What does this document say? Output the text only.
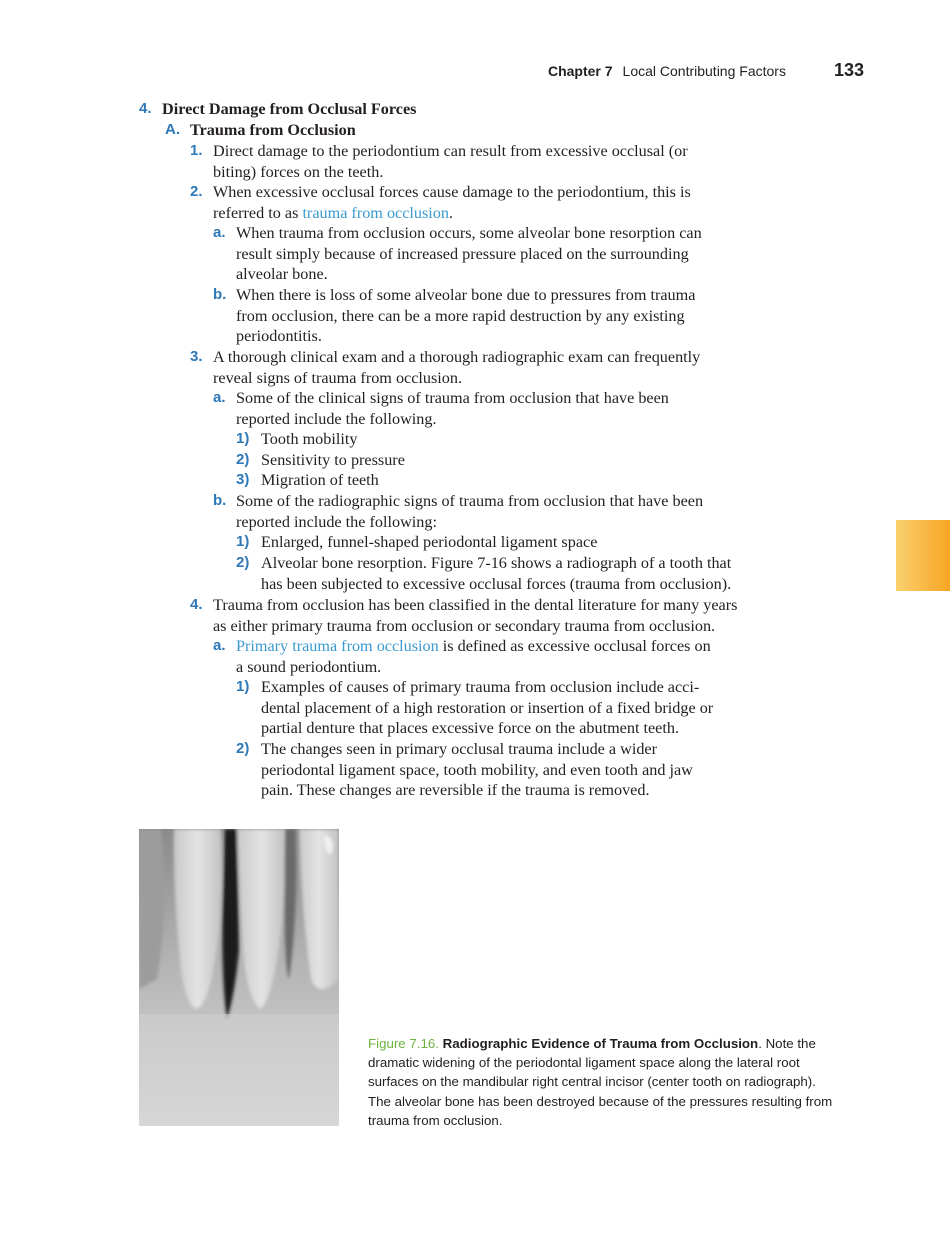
Chapter 7 Local Contributing Factors	133
4. Direct Damage from Occlusal Forces
A. Trauma from Occlusion
1. Direct damage to the periodontium can result from excessive occlusal (or
biting) forces on the teeth.
2. When excessive occlusal forces cause damage to the periodontium, this is
referred to as trauma from occlusion.
a. When trauma from occlusion occurs, some alveolar bone resorption can
result simply because of increased pressure placed on the surrounding
alveolar bone.
b. When there is loss of some alveolar bone due to pressures from trauma
from occlusion, there can be a more rapid destruction by any existing
periodontitis.
3. A thorough clinical exam and a thorough radiographic exam can frequently
reveal signs of trauma from occlusion.
a. Some of the clinical signs of trauma from occlusion that have been
reported include the following.
1) Tooth mobility
2) Sensitivity to pressure
3) Migration of teeth
b. Some of the radiographic signs of trauma from occlusion that have been
reported include the following:
1) Enlarged, funnel-shaped periodontal ligament space
2) Alveolar bone resorption. Figure 7-16 shows a radiograph of a tooth that
has been subjected to excessive occlusal forces (trauma from occlusion).
4. Trauma from occlusion has been classified in the dental literature for many years
as either primary trauma from occlusion or secondary trauma from occlusion.
a. Primary trauma from occlusion is defined as excessive occlusal forces on
a sound periodontium.
1) Examples of causes of primary trauma from occlusion include acci-
dental placement of a high restoration or insertion of a fixed bridge or
partial denture that places excessive force on the abutment teeth.
2) The changes seen in primary occlusal trauma include a wider
periodontal ligament space, tooth mobility, and even tooth and jaw
pain. These changes are reversible if the trauma is removed.
Figure 7.16. Radiographic Evidence of Trauma from Occlusion. Note the
dramatic widening of the periodontal ligament space along the lateral root
surfaces on the mandibular right central incisor (center tooth on radiograph).
The alveolar bone has been destroyed because of the pressures resulting from
trauma from occlusion.
